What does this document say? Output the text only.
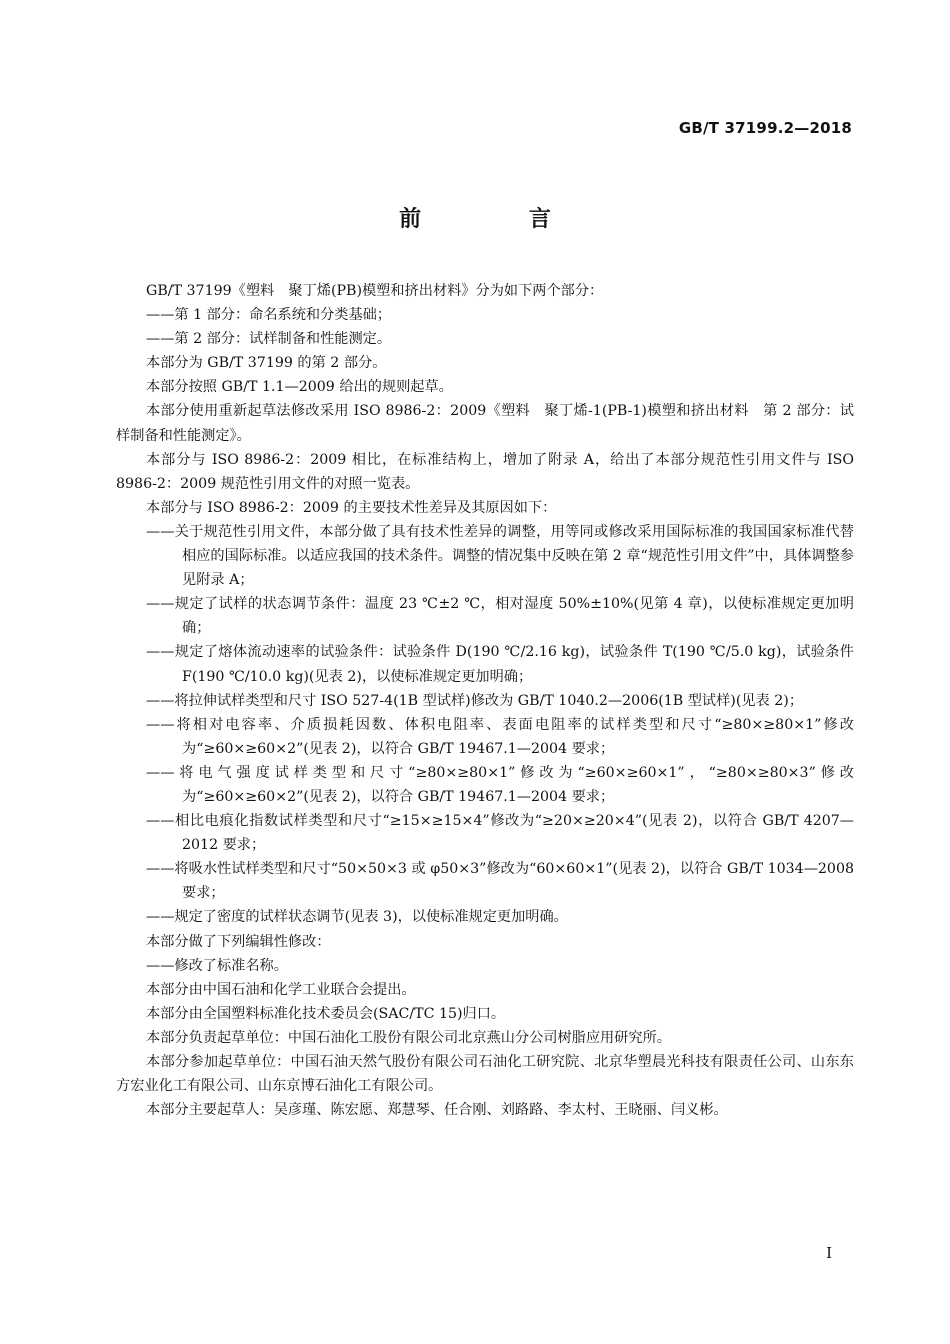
GB/T 37199.2—2018
前 言

GB/T 37199《塑料　聚丁烯(PB)模塑和挤出材料》分为如下两个部分：

——第 1 部分：命名系统和分类基础；

——第 2 部分：试样制备和性能测定。

本部分为 GB/T 37199 的第 2 部分。

本部分按照 GB/T 1.1—2009 给出的规则起草。

本部分使用重新起草法修改采用 ISO 8986-2：2009《塑料　聚丁烯-1(PB-1)模塑和挤出材料　第 2 部分：试样制备和性能测定》。

本部分与 ISO 8986-2：2009 相比，在标准结构上，增加了附录 A，给出了本部分规范性引用文件与 ISO 8986-2：2009 规范性引用文件的对照一览表。

本部分与 ISO 8986-2：2009 的主要技术性差异及其原因如下：

——关于规范性引用文件，本部分做了具有技术性差异的调整，用等同或修改采用国际标准的我国国家标准代替相应的国际标准。以适应我国的技术条件。调整的情况集中反映在第 2 章“规范性引用文件”中，具体调整参见附录 A；

——规定了试样的状态调节条件：温度 23 ℃±2 ℃，相对湿度 50%±10%(见第 4 章)，以使标准规定更加明确；

——规定了熔体流动速率的试验条件：试验条件 D(190 ℃/2.16 kg)，试验条件 T(190 ℃/5.0 kg)，试验条件 F(190 ℃/10.0 kg)(见表 2)，以使标准规定更加明确；

——将拉伸试样类型和尺寸 ISO 527-4(1B 型试样)修改为 GB/T 1040.2—2006(1B 型试样)(见表 2)；

——将相对电容率、介质损耗因数、体积电阻率、表面电阻率的试样类型和尺寸“≥80×≥80×1”修改为“≥60×≥60×2”(见表 2)，以符合 GB/T 19467.1—2004 要求；

——将电气强度试样类型和尺寸“≥80×≥80×1”修改为“≥60×≥60×1”，“≥80×≥80×3”修改为“≥60×≥60×2”(见表 2)，以符合 GB/T 19467.1—2004 要求；

——相比电痕化指数试样类型和尺寸“≥15×≥15×4”修改为“≥20×≥20×4”(见表 2)，以符合 GB/T 4207—2012 要求；

——将吸水性试样类型和尺寸“50×50×3 或 φ50×3”修改为“60×60×1”(见表 2)，以符合 GB/T 1034—2008 要求；

——规定了密度的试样状态调节(见表 3)，以使标准规定更加明确。

本部分做了下列编辑性修改：

——修改了标准名称。

本部分由中国石油和化学工业联合会提出。

本部分由全国塑料标准化技术委员会(SAC/TC 15)归口。

本部分负责起草单位：中国石油化工股份有限公司北京燕山分公司树脂应用研究所。

本部分参加起草单位：中国石油天然气股份有限公司石油化工研究院、北京华塑晨光科技有限责任公司、山东东方宏业化工有限公司、山东京博石油化工有限公司。

本部分主要起草人：吴彦瑾、陈宏愿、郑慧琴、任合刚、刘路路、李太村、王晓丽、闫义彬。

I
